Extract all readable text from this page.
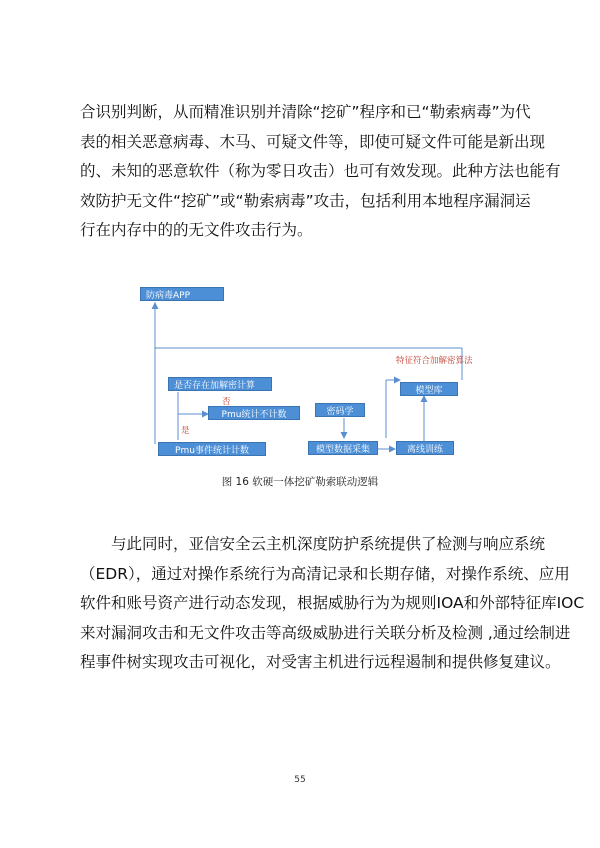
合识别判断，从而精准识别并清除“挖矿”程序和已“勒索病毒”为代
表的相关恶意病毒、木马、可疑文件等，即使可疑文件可能是新出现
的、未知的恶意软件（称为零日攻击）也可有效发现。此种方法也能有
效防护无文件“挖矿”或“勒索病毒”攻击，包括利用本地程序漏洞运
行在内存中的的无文件攻击行为。
防病毒APP
是否存在加解密计算
Pmu统计不计数
Pmu事件统计计数
密码学
模型数据采集
模型库
离线训练
特征符合加解密算法
否
是
图 16 软硬一体挖矿勒索联动逻辑
　　与此同时，亚信安全云主机深度防护系统提供了检测与响应系统
（EDR），通过对操作系统行为高清记录和长期存储，对操作系统、应用
软件和账号资产进行动态发现，根据威胁行为为规则IOA和外部特征库IOC
来对漏洞攻击和无文件攻击等高级威胁进行关联分析及检测 ,通过绘制进
程事件树实现攻击可视化，对受害主机进行远程遏制和提供修复建议。
55
